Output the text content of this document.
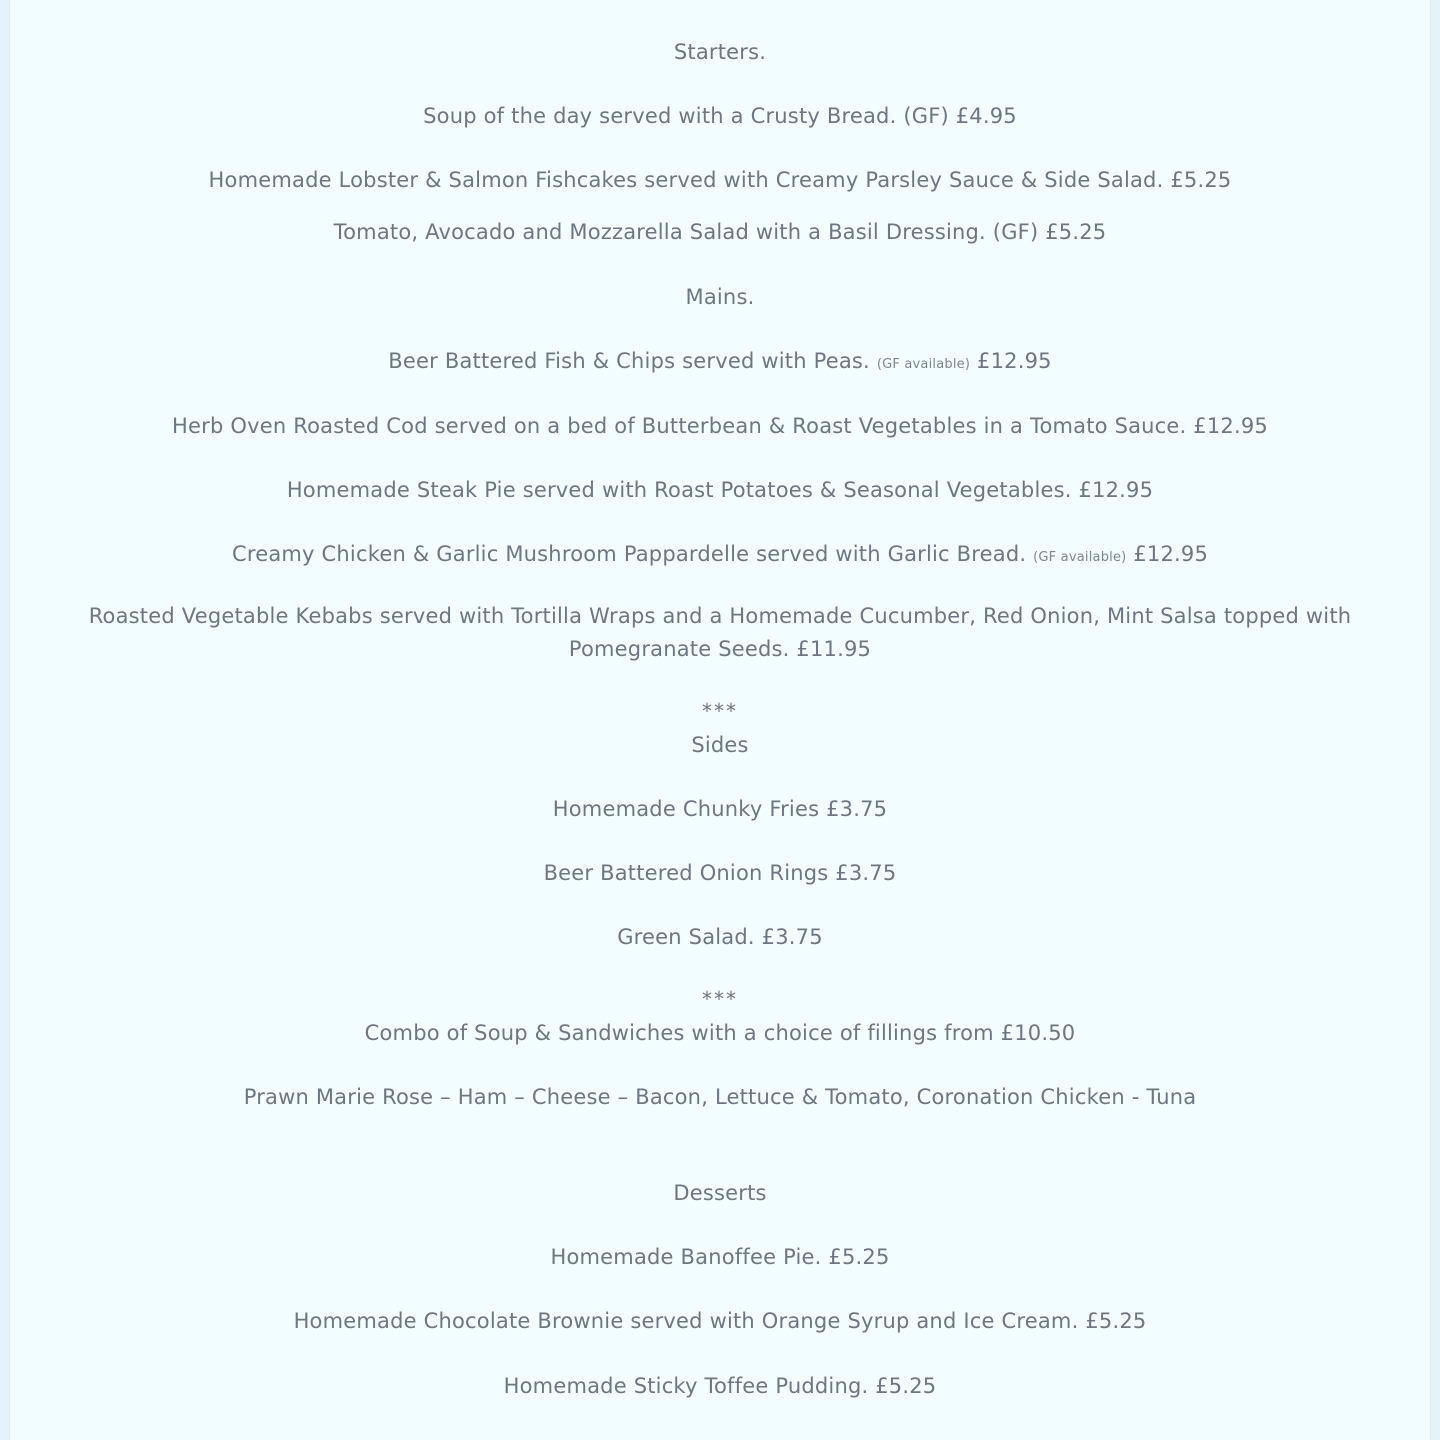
Starters.
Soup of the day served with a Crusty Bread. (GF) £4.95
Homemade Lobster & Salmon Fishcakes served with Creamy Parsley Sauce & Side Salad. £5.25
Tomato, Avocado and Mozzarella Salad with a Basil Dressing. (GF) £5.25
Mains.
Beer Battered Fish & Chips served with Peas. (GF available) £12.95
Herb Oven Roasted Cod served on a bed of Butterbean & Roast Vegetables in a Tomato Sauce. £12.95
Homemade Steak Pie served with Roast Potatoes & Seasonal Vegetables. £12.95
Creamy Chicken & Garlic Mushroom Pappardelle served with Garlic Bread. (GF available) £12.95
Roasted Vegetable Kebabs served with Tortilla Wraps and a Homemade Cucumber, Red Onion, Mint Salsa topped with Pomegranate Seeds. £11.95
***
Sides
Homemade Chunky Fries £3.75
Beer Battered Onion Rings £3.75
Green Salad. £3.75
***
Combo of Soup & Sandwiches with a choice of fillings from £10.50
Prawn Marie Rose – Ham – Cheese – Bacon, Lettuce & Tomato, Coronation Chicken - Tuna
Desserts
Homemade Banoffee Pie. £5.25
Homemade Chocolate Brownie served with Orange Syrup and Ice Cream. £5.25
Homemade Sticky Toffee Pudding. £5.25
